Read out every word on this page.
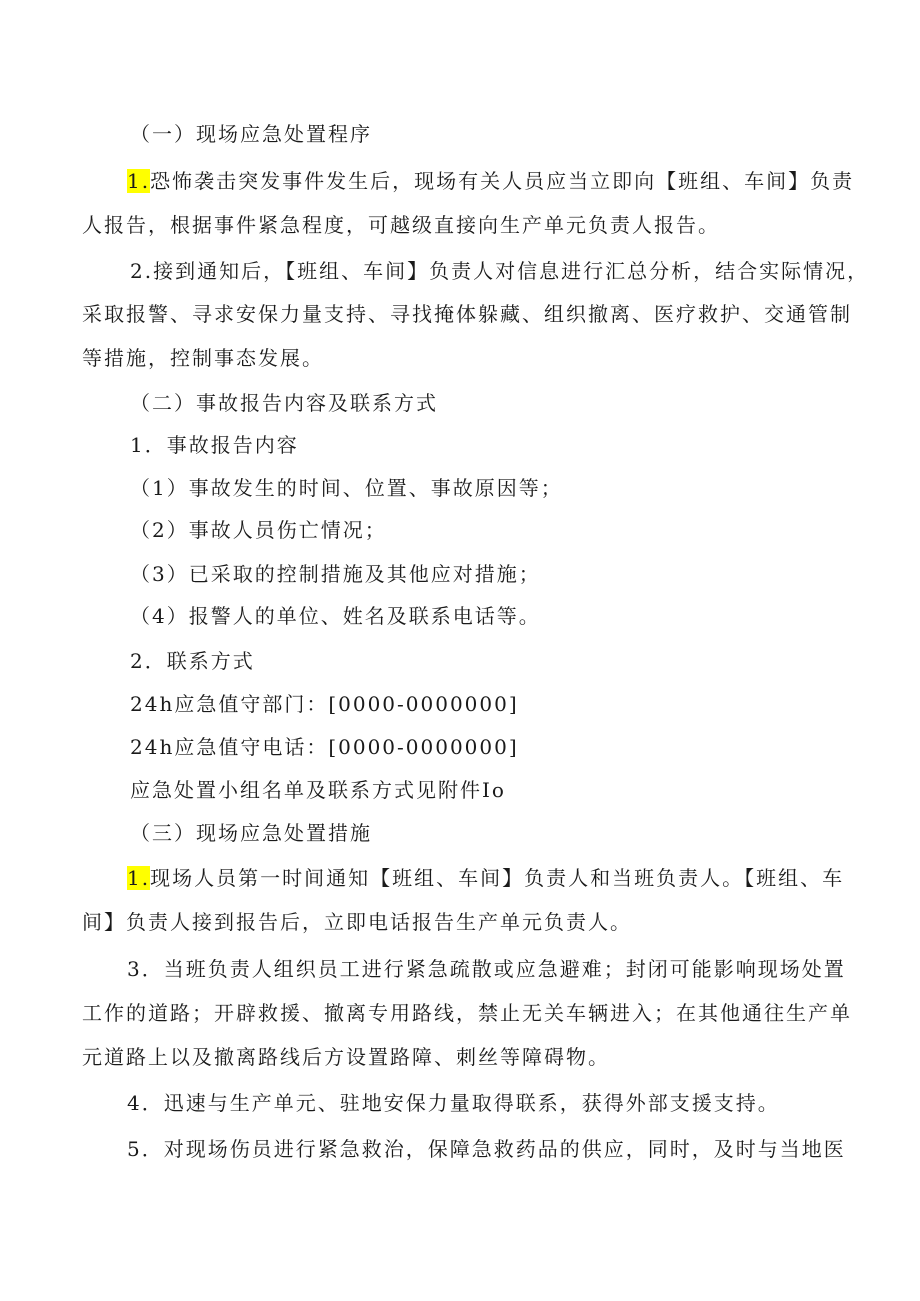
（一）现场应急处置程序
1.恐怖袭击突发事件发生后，现场有关人员应当立即向【班组、车间】负责
人报告，根据事件紧急程度，可越级直接向生产单元负责人报告。
2.接到通知后，【班组、车间】负责人对信息进行汇总分析，结合实际情况，
采取报警、寻求安保力量支持、寻找掩体躲藏、组织撤离、医疗救护、交通管制
等措施，控制事态发展。
（二）事故报告内容及联系方式
1．事故报告内容
（1）事故发生的时间、位置、事故原因等；
（2）事故人员伤亡情况；
（3）已采取的控制措施及其他应对措施；
（4）报警人的单位、姓名及联系电话等。
2．联系方式
24h应急值守部门：[0000-0000000]
24h应急值守电话：[0000-0000000]
应急处置小组名单及联系方式见附件Io
（三）现场应急处置措施
1.现场人员第一时间通知【班组、车间】负责人和当班负责人。【班组、车
间】负责人接到报告后，立即电话报告生产单元负责人。
3．当班负责人组织员工进行紧急疏散或应急避难；封闭可能影响现场处置
工作的道路；开辟救援、撤离专用路线，禁止无关车辆进入；在其他通往生产单
元道路上以及撤离路线后方设置路障、刺丝等障碍物。
4．迅速与生产单元、驻地安保力量取得联系，获得外部支援支持。
5．对现场伤员进行紧急救治，保障急救药品的供应，同时，及时与当地医
